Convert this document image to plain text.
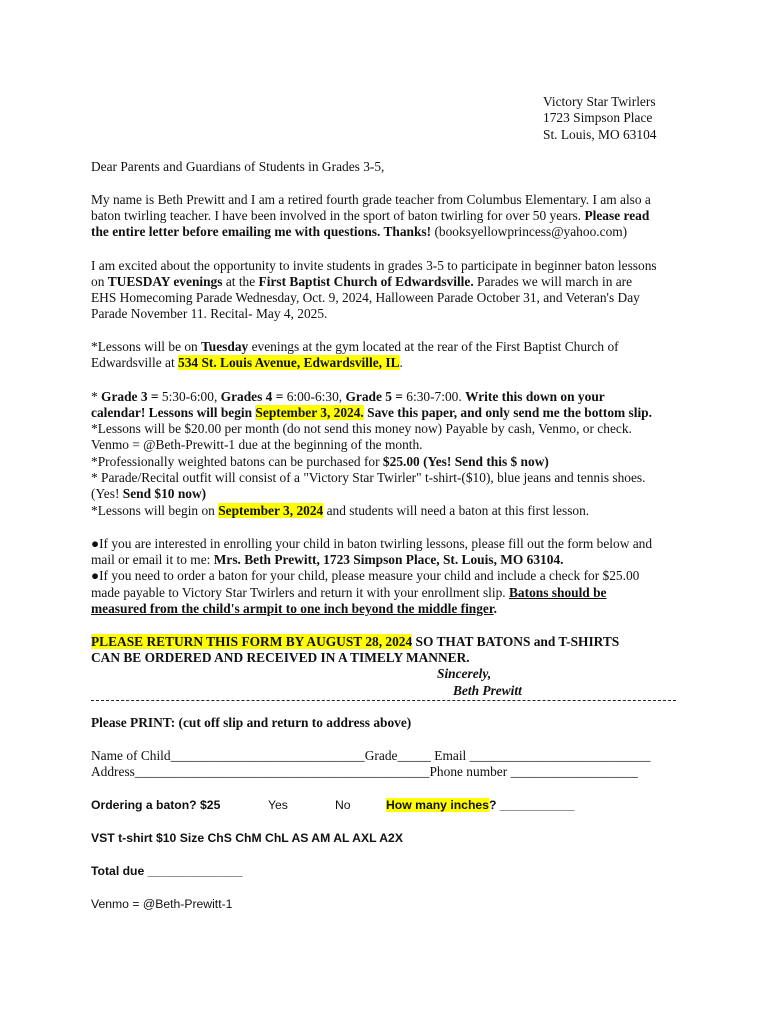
Victory Star Twirlers
1723 Simpson Place
St. Louis, MO 63104
Dear Parents and Guardians of Students in Grades 3-5,
My name is Beth Prewitt and I am a retired fourth grade teacher from Columbus Elementary. I am also a
baton twirling teacher. I have been involved in the sport of baton twirling for over 50 years. Please read
the entire letter before emailing me with questions. Thanks! (booksyellowprincess@yahoo.com)
I am excited about the opportunity to invite students in grades 3-5 to participate in beginner baton lessons
on TUESDAY evenings at the First Baptist Church of Edwardsville. Parades we will march in are
EHS Homecoming Parade Wednesday, Oct. 9, 2024, Halloween Parade October 31, and Veteran's Day
Parade November 11. Recital- May 4, 2025.
*Lessons will be on Tuesday evenings at the gym located at the rear of the First Baptist Church of
Edwardsville at 534 St. Louis Avenue, Edwardsville, IL.
* Grade 3 = 5:30-6:00, Grades 4 = 6:00-6:30, Grade 5 = 6:30-7:00. Write this down on your
calendar! Lessons will begin September 3, 2024. Save this paper, and only send me the bottom slip.
*Lessons will be $20.00 per month (do not send this money now) Payable by cash, Venmo, or check.
Venmo = @Beth-Prewitt-1 due at the beginning of the month.
*Professionally weighted batons can be purchased for $25.00 (Yes! Send this $ now)
* Parade/Recital outfit will consist of a "Victory Star Twirler" t-shirt-($10), blue jeans and tennis shoes.
(Yes! Send $10 now)
*Lessons will begin on September 3, 2024 and students will need a baton at this first lesson.
●If you are interested in enrolling your child in baton twirling lessons, please fill out the form below and
mail or email it to me: Mrs. Beth Prewitt, 1723 Simpson Place, St. Louis, MO 63104.
●If you need to order a baton for your child, please measure your child and include a check for $25.00
made payable to Victory Star Twirlers and return it with your enrollment slip. Batons should be
measured from the child's armpit to one inch beyond the middle finger.
PLEASE RETURN THIS FORM BY AUGUST 28, 2024 SO THAT BATONS and T-SHIRTS
CAN BE ORDERED AND RECEIVED IN A TIMELY MANNER.
Sincerely,
Beth Prewitt
Please PRINT: (cut off slip and return to address above)
Name of Child_____________________________Grade_____ Email ___________________________
Address____________________________________________Phone number ___________________
Ordering a baton? $25	Yes	No	How many inches? ___________
VST t-shirt $10 Size ChS ChM ChL AS AM AL AXL A2X
Total due ______________
Venmo = @Beth-Prewitt-1
